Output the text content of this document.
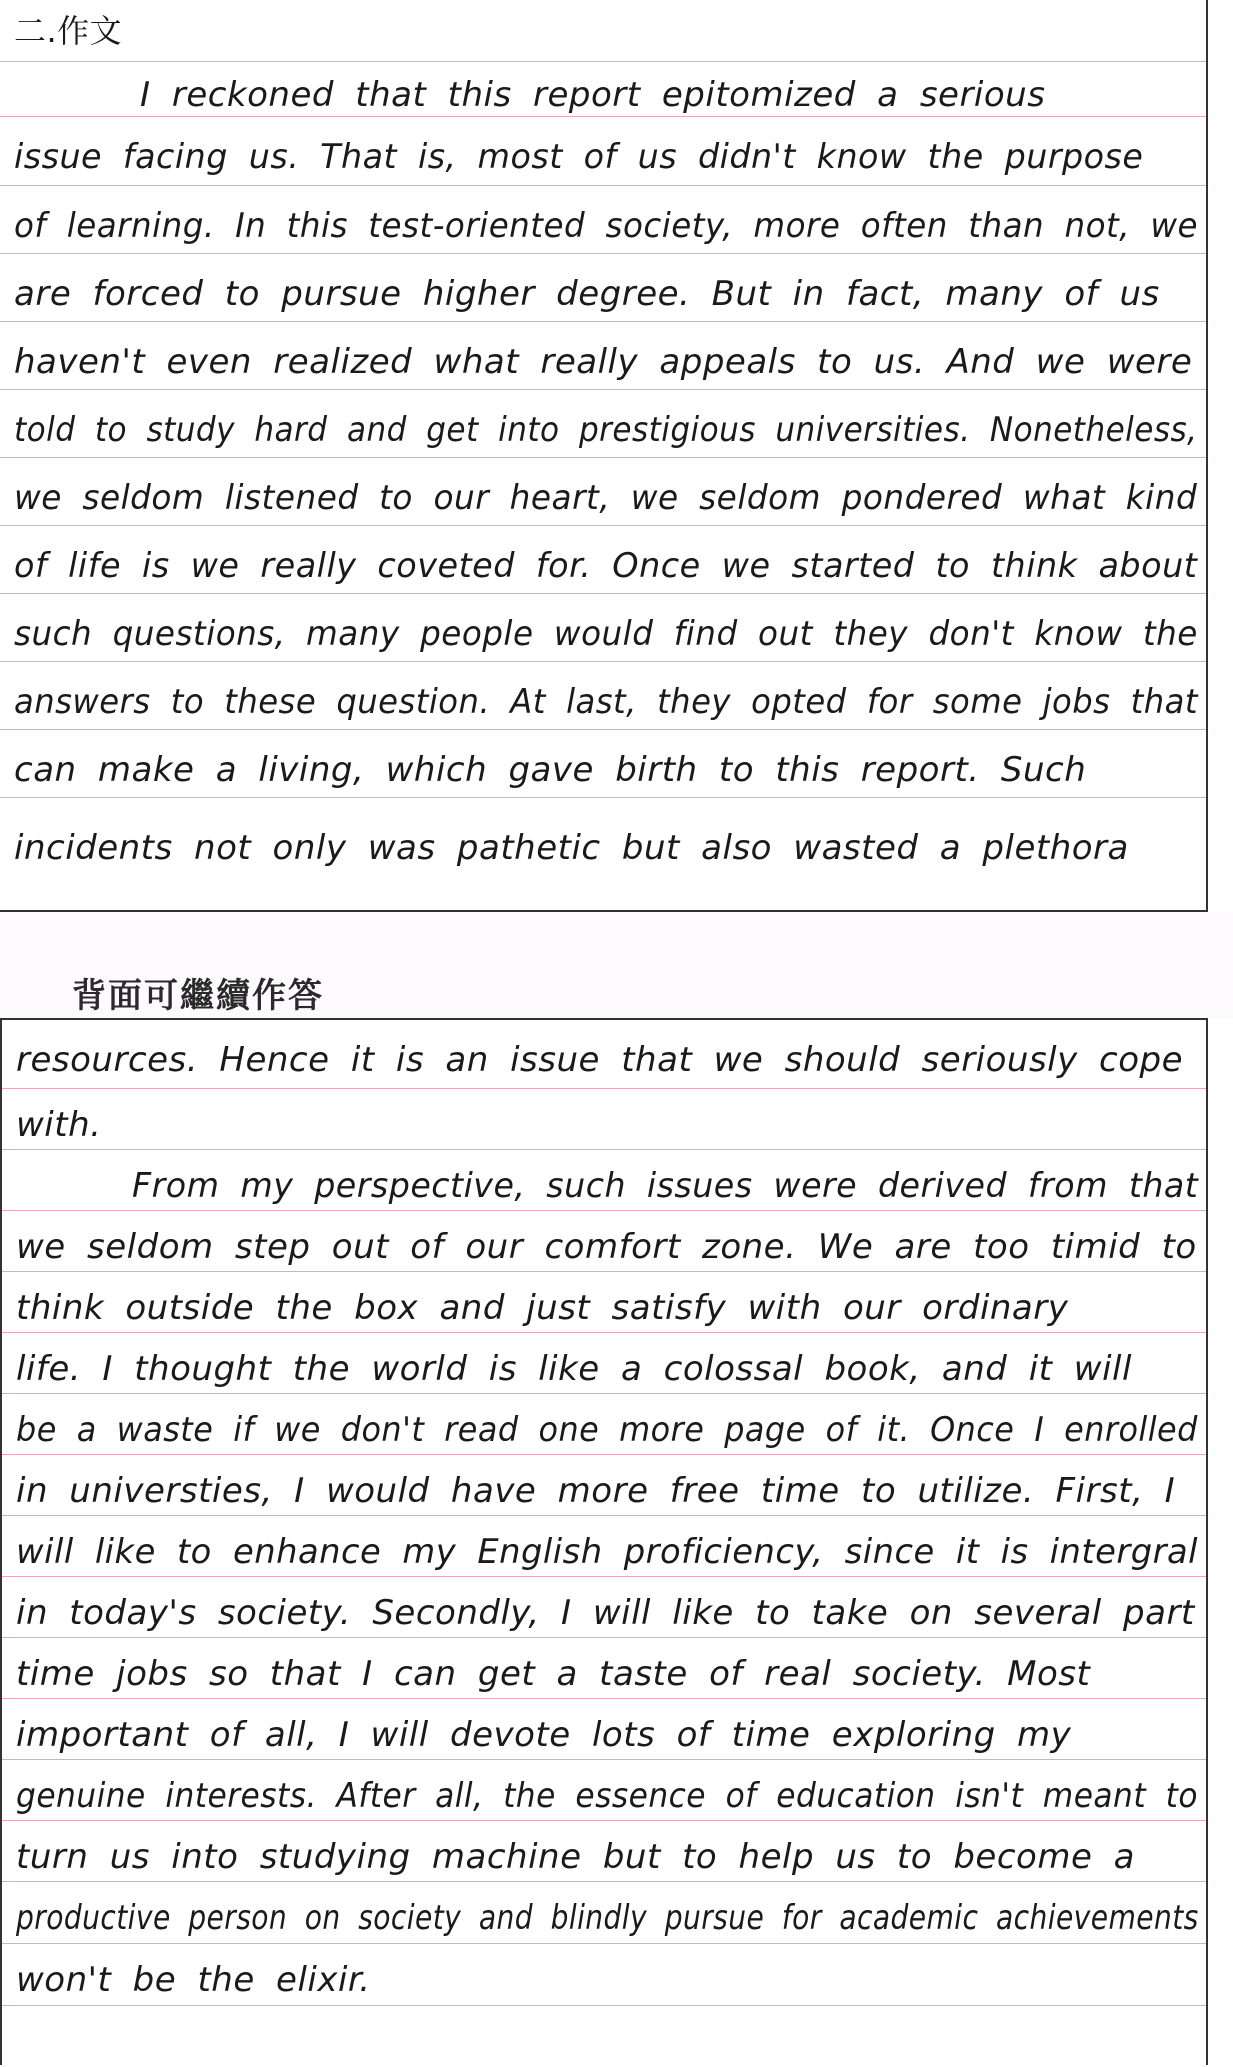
二.作文
I reckoned that this report epitomized a serious
issue facing us. That is, most of us didn't know the purpose
of learning. In this test-oriented society, more often than not, we
are forced to pursue higher degree. But in fact, many of us
haven't even realized what really appeals to us. And we were
told to study hard and get into prestigious universities. Nonetheless,
we seldom listened to our heart, we seldom pondered what kind
of life is we really coveted for. Once we started to think about
such questions, many people would find out they don't know the
answers to these question. At last, they opted for some jobs that
can make a living, which gave birth to this report. Such
incidents not only was pathetic but also wasted a plethora
背面可繼續作答
resources. Hence it is an issue that we should seriously cope
with.
From my perspective, such issues were derived from that
we seldom step out of our comfort zone. We are too timid to
think outside the box and just satisfy with our ordinary
life. I thought the world is like a colossal book, and it will
be a waste if we don't read one more page of it. Once I enrolled
in universties, I would have more free time to utilize. First, I
will like to enhance my English proficiency, since it is intergral
in today's society. Secondly, I will like to take on several part
time jobs so that I can get a taste of real society. Most
important of all, I will devote lots of time exploring my
genuine interests. After all, the essence of education isn't meant to
turn us into studying machine but to help us to become a
productive person on society and blindly pursue for academic achievements
won't be the elixir.
